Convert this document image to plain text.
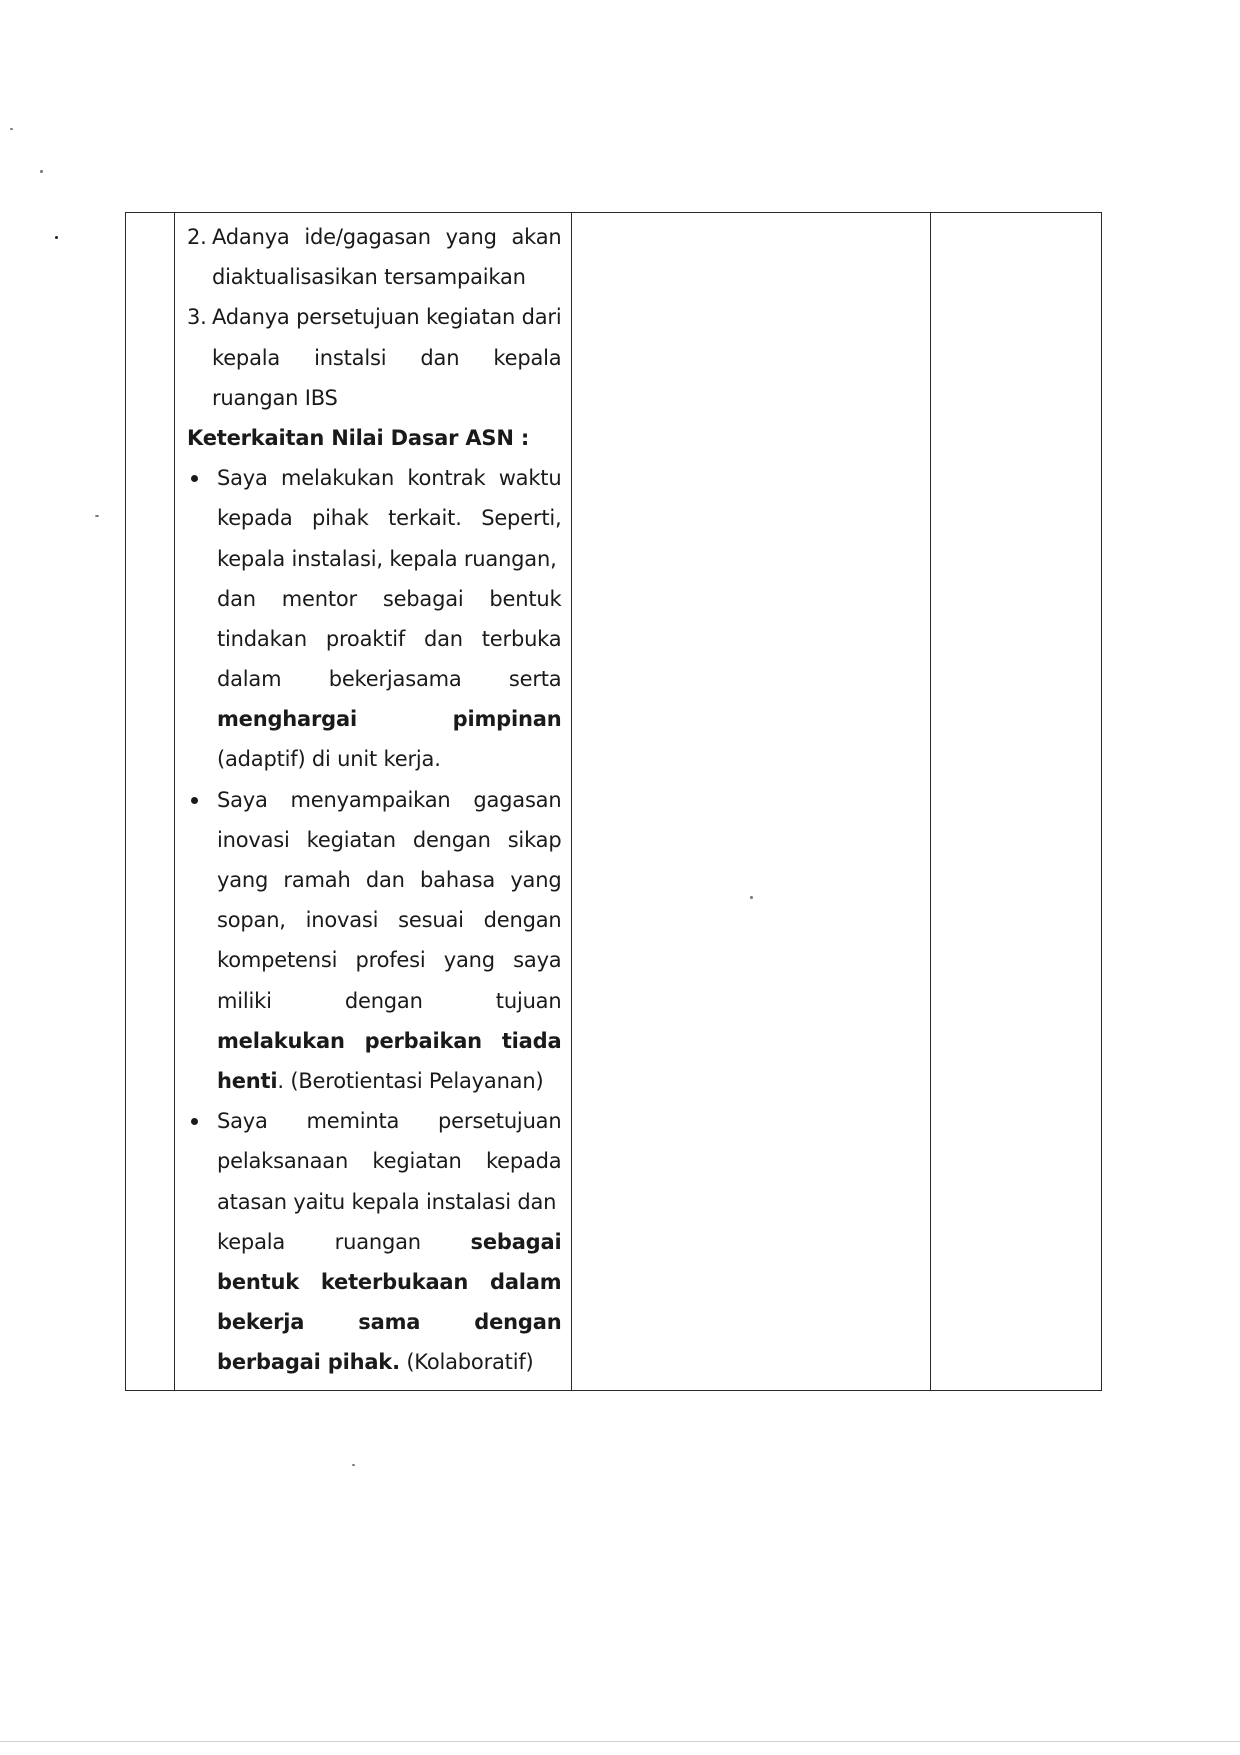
2. Adanya ide/gagasan yang akan
diaktualisasikan tersampaikan
3. Adanya persetujuan kegiatan dari
kepala instalsi dan kepala
ruangan IBS
Keterkaitan Nilai Dasar ASN :
Saya melakukan kontrak waktu
kepada pihak terkait. Seperti,
kepala instalasi, kepala ruangan,
dan mentor sebagai bentuk
tindakan proaktif dan terbuka
dalam bekerjasama serta
menghargai	pimpinan
(adaptif) di unit kerja.
Saya menyampaikan gagasan
inovasi kegiatan dengan sikap
yang ramah dan bahasa yang
sopan, inovasi sesuai dengan
kompetensi profesi yang saya
miliki	dengan	tujuan
melakukan perbaikan tiada
henti. (Berotientasi Pelayanan)
Saya meminta persetujuan
pelaksanaan kegiatan kepada
atasan yaitu kepala instalasi dan
kepala ruangan sebagai
bentuk keterbukaan dalam
bekerja	sama	dengan
berbagai pihak. (Kolaboratif)
